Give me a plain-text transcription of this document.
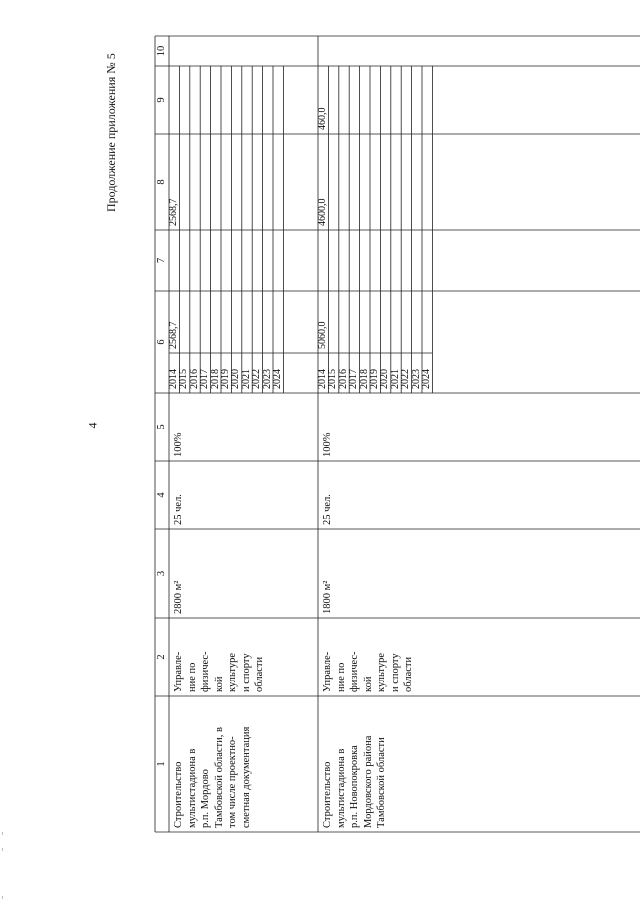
4
Продолжение приложения № 5
1
2
3
4
5
6
7
8
9
10
Строительство мультистадиона в р.п. Мордово Тамбовской области, в том числе проектно- сметная документация
Управле- ние по физичес- кой культуре и спорту области
2800 м²
25 чел.
100%
2014 2015 2016 2017 2018 2019 2020 2021 2022 2023 2024
2568,7
2568,7
Строительство мультистадиона в р.п. Новопокровка Мордовского района Тамбовской области
Управле- ние по физичес- кой культуре и спорту области
1800 м²
25 чел.
100%
2014 2015 2016 2017 2018 2019 2020 2021 2022 2023 2024
5060,0
4600,0
460,0
